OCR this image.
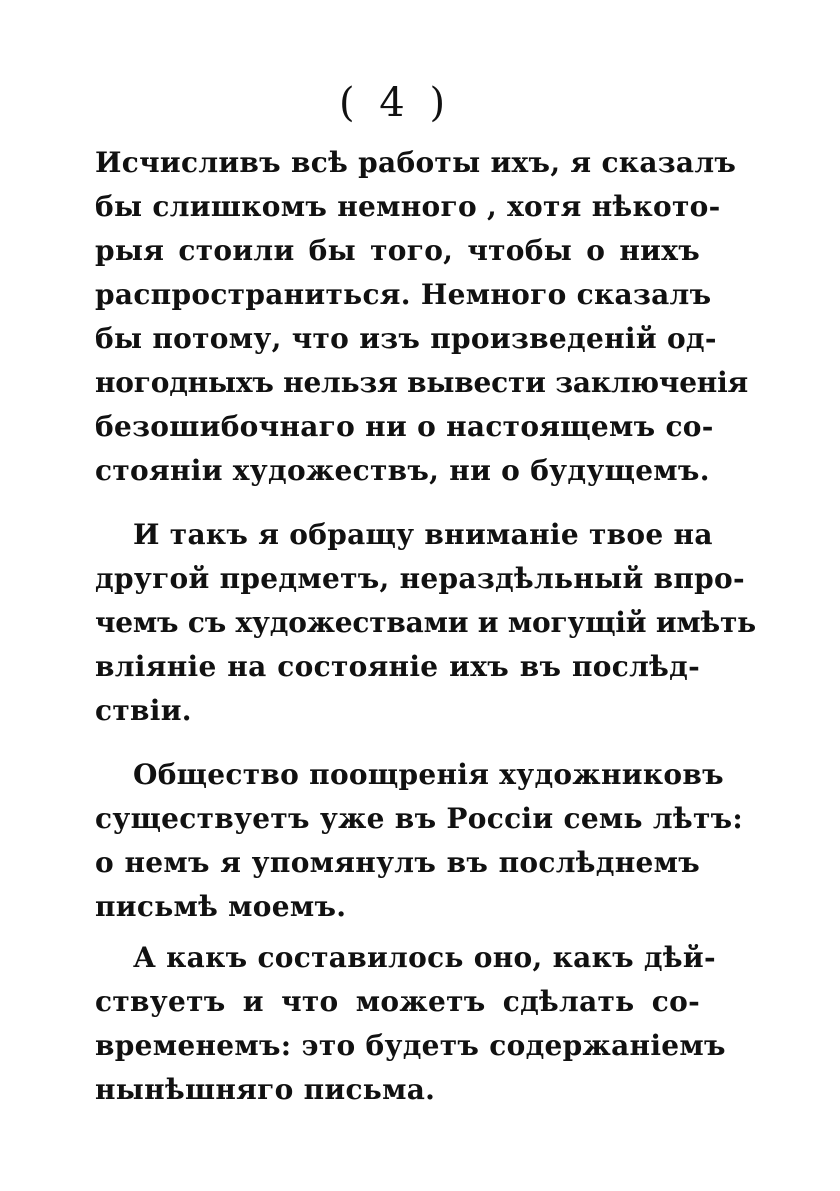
( 4 )
Исчисливъ всѣ работы ихъ, я сказалъ
бы слишкомъ немного , хотя нѣкото-
рыя стоили бы того, чтобы о нихъ
распространиться. Немного сказалъ
бы потому, что изъ произведеній од-
ногодныхъ нельзя вывести заключенія
безошибочнаго ни о настоящемъ со-
стояніи художествъ, ни о будущемъ.
И такъ я обращу вниманіе твое на
другой предметъ, нераздѣльный впро-
чемъ съ художествами и могущій имѣть
вліяніе на состояніе ихъ въ послѣд-
ствіи.
Общество поощренія художниковъ
существуетъ уже въ Россіи семь лѣтъ:
о немъ я упомянулъ въ послѣднемъ
письмѣ моемъ.
А какъ составилось оно, какъ дѣй-
ствуетъ и что можетъ сдѣлать со-
временемъ: это будетъ содержаніемъ
нынѣшняго письма.
